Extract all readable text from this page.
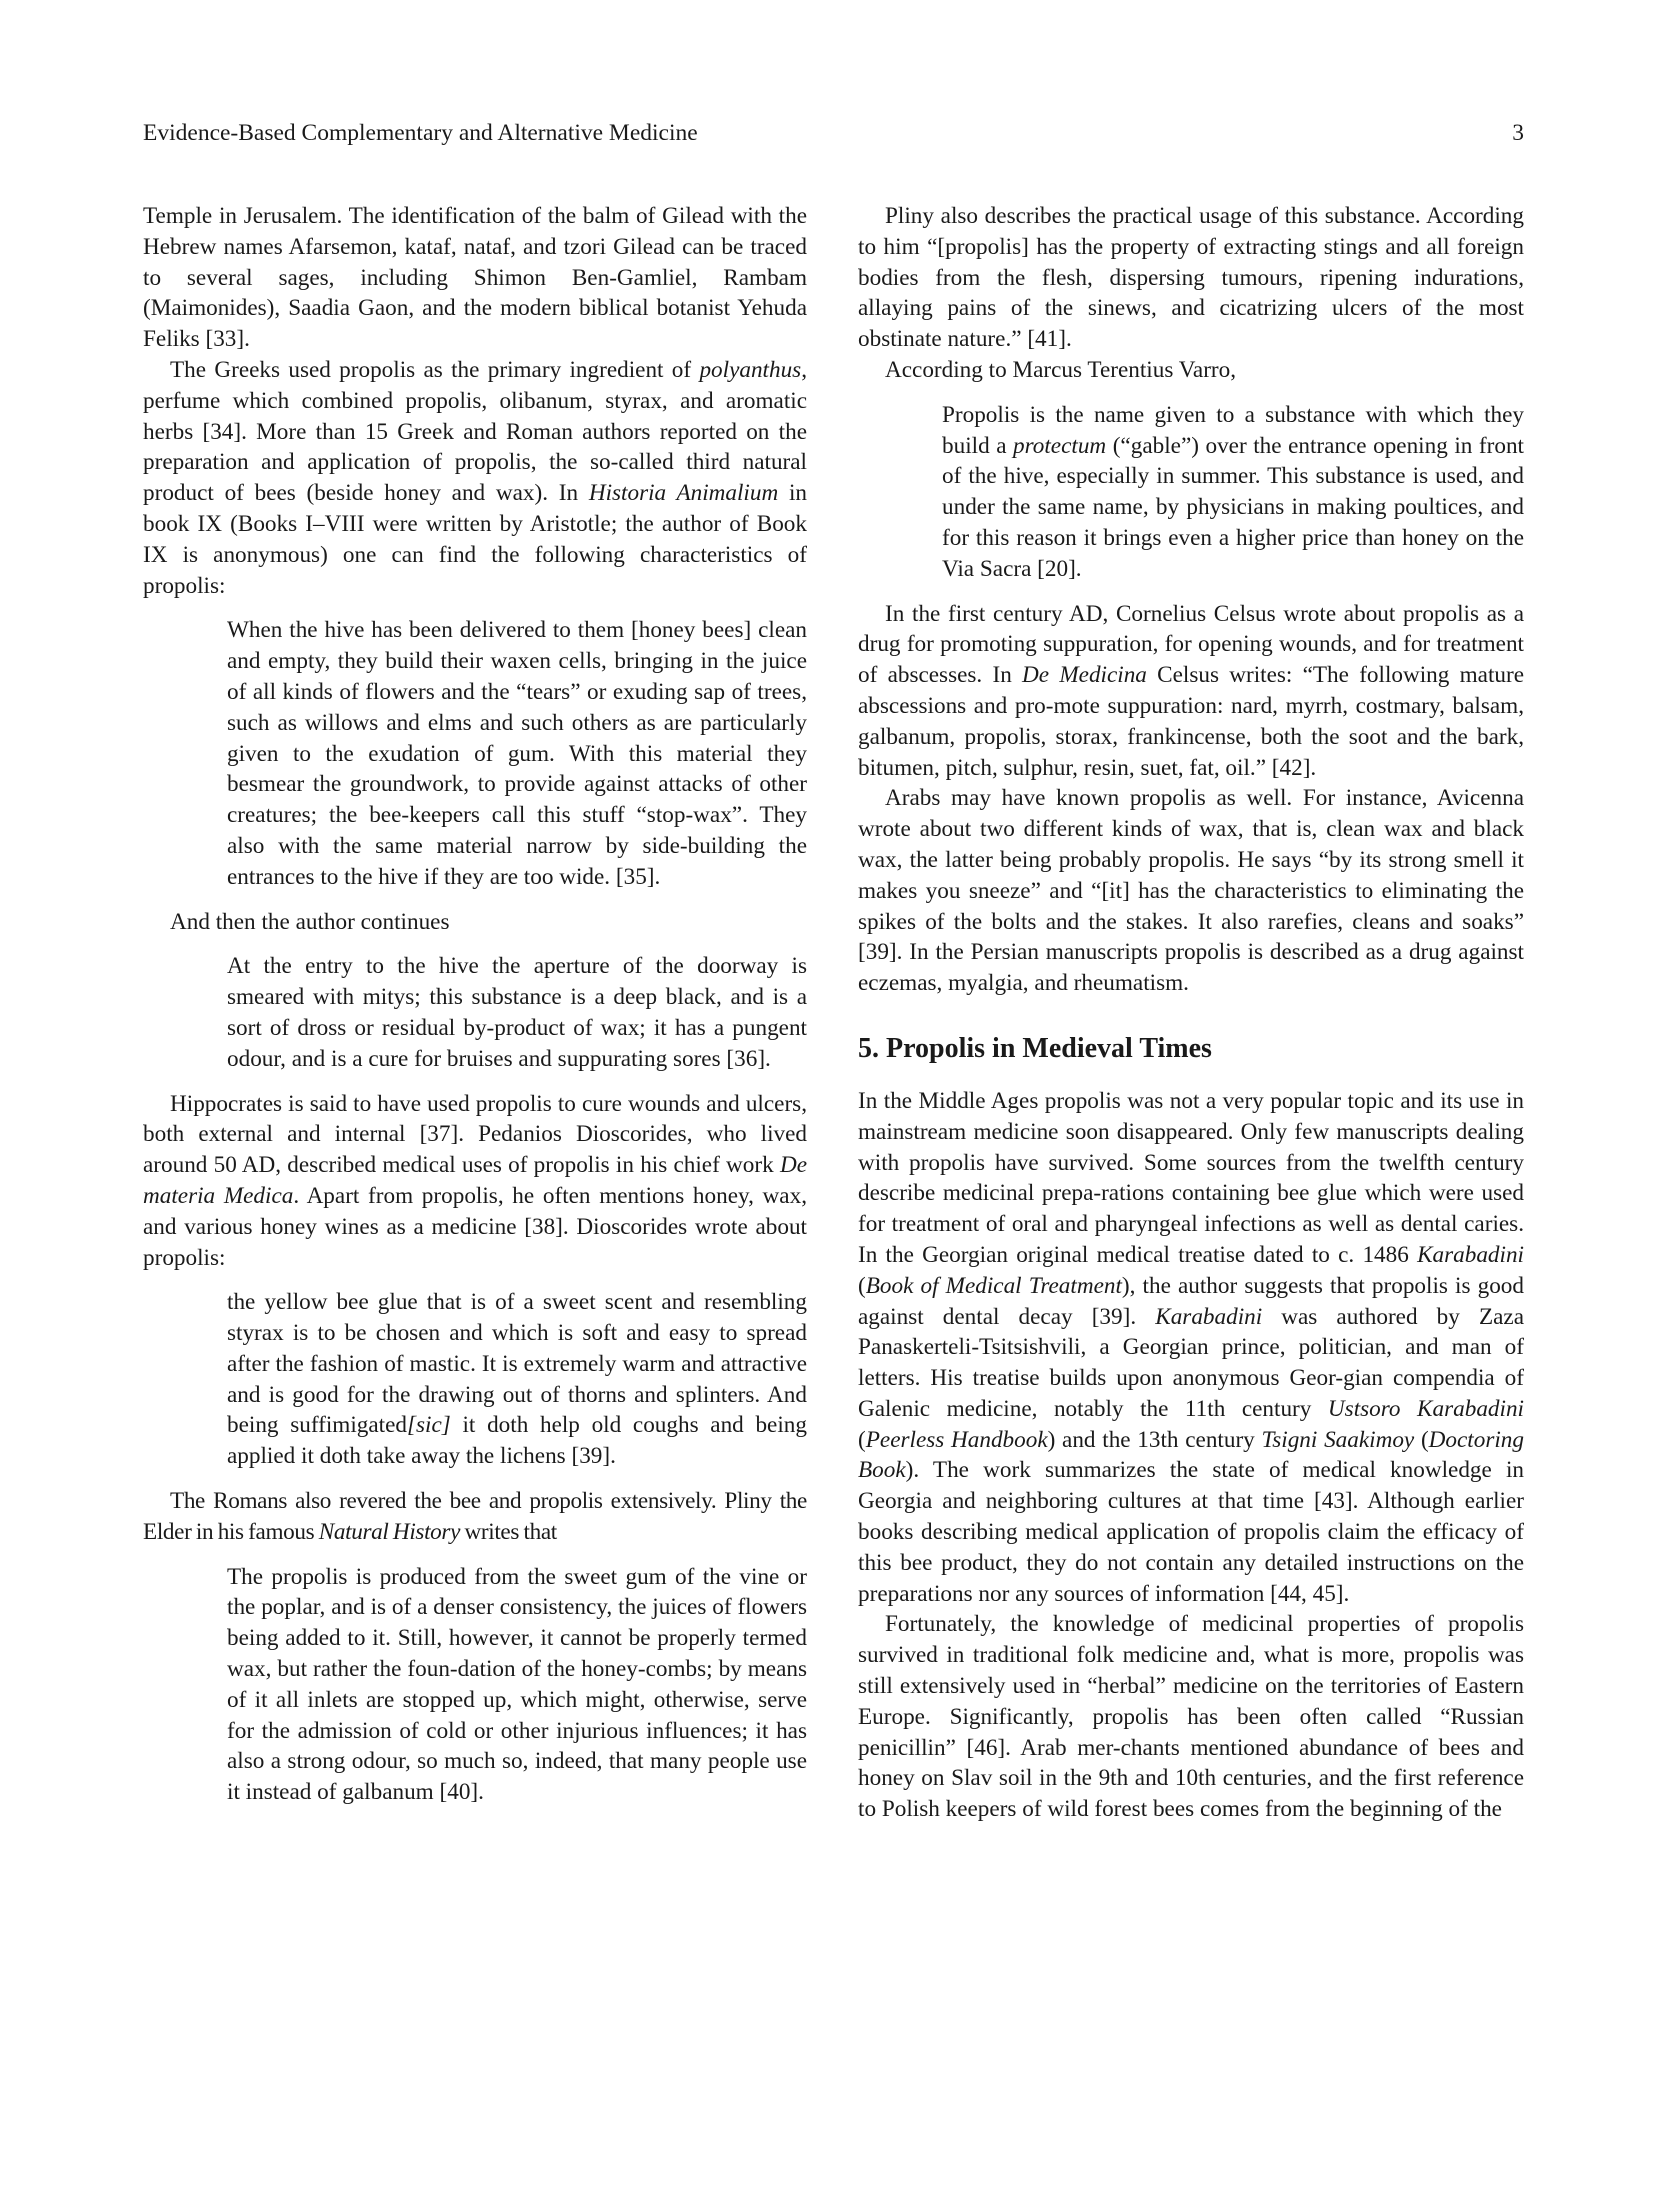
Evidence-Based Complementary and Alternative Medicine	3

Temple in Jerusalem. The identification of the balm of Gilead with the Hebrew names Afarsemon, kataf, nataf, and tzori Gilead can be traced to several sages, including Shimon Ben-Gamliel, Rambam (Maimonides), Saadia Gaon, and the modern biblical botanist Yehuda Feliks [33].

The Greeks used propolis as the primary ingredient of polyanthus, perfume which combined propolis, olibanum, styrax, and aromatic herbs [34]. More than 15 Greek and Roman authors reported on the preparation and application of propolis, the so-called third natural product of bees (beside honey and wax). In Historia Animalium in book IX (Books I–VIII were written by Aristotle; the author of Book IX is anonymous) one can find the following characteristics of propolis:

When the hive has been delivered to them [honey bees] clean and empty, they build their waxen cells, bringing in the juice of all kinds of flowers and the “tears” or exuding sap of trees, such as willows and elms and such others as are particularly given to the exudation of gum. With this material they besmear the groundwork, to provide against attacks of other creatures; the bee-keepers call this stuff “stop-wax”. They also with the same material narrow by side-building the entrances to the hive if they are too wide. [35].

And then the author continues

At the entry to the hive the aperture of the doorway is smeared with mitys; this substance is a deep black, and is a sort of dross or residual by-product of wax; it has a pungent odour, and is a cure for bruises and suppurating sores [36].

Hippocrates is said to have used propolis to cure wounds and ulcers, both external and internal [37]. Pedanios Dioscorides, who lived around 50 AD, described medical uses of propolis in his chief work De materia Medica. Apart from propolis, he often mentions honey, wax, and various honey wines as a medicine [38]. Dioscorides wrote about propolis:

the yellow bee glue that is of a sweet scent and resembling styrax is to be chosen and which is soft and easy to spread after the fashion of mastic. It is extremely warm and attractive and is good for the drawing out of thorns and splinters. And being suffimigated[sic] it doth help old coughs and being applied it doth take away the lichens [39].

The Romans also revered the bee and propolis extensively. Pliny the Elder in his famous Natural History writes that

The propolis is produced from the sweet gum of the vine or the poplar, and is of a denser consistency, the juices of flowers being added to it. Still, however, it cannot be properly termed wax, but rather the foun-dation of the honey-combs; by means of it all inlets are stopped up, which might, otherwise, serve for the admission of cold or other injurious influences; it has also a strong odour, so much so, indeed, that many people use it instead of galbanum [40].

Pliny also describes the practical usage of this substance. According to him “[propolis] has the property of extracting stings and all foreign bodies from the flesh, dispersing tumours, ripening indurations, allaying pains of the sinews, and cicatrizing ulcers of the most obstinate nature.” [41].

According to Marcus Terentius Varro,

Propolis is the name given to a substance with which they build a protectum (“gable”) over the entrance opening in front of the hive, especially in summer. This substance is used, and under the same name, by physicians in making poultices, and for this reason it brings even a higher price than honey on the Via Sacra [20].

In the first century AD, Cornelius Celsus wrote about propolis as a drug for promoting suppuration, for opening wounds, and for treatment of abscesses. In De Medicina Celsus writes: “The following mature abscessions and pro-mote suppuration: nard, myrrh, costmary, balsam, galbanum, propolis, storax, frankincense, both the soot and the bark, bitumen, pitch, sulphur, resin, suet, fat, oil.” [42].

Arabs may have known propolis as well. For instance, Avicenna wrote about two different kinds of wax, that is, clean wax and black wax, the latter being probably propolis. He says “by its strong smell it makes you sneeze” and “[it] has the characteristics to eliminating the spikes of the bolts and the stakes. It also rarefies, cleans and soaks” [39]. In the Persian manuscripts propolis is described as a drug against eczemas, myalgia, and rheumatism.

5. Propolis in Medieval Times

In the Middle Ages propolis was not a very popular topic and its use in mainstream medicine soon disappeared. Only few manuscripts dealing with propolis have survived. Some sources from the twelfth century describe medicinal prepa-rations containing bee glue which were used for treatment of oral and pharyngeal infections as well as dental caries. In the Georgian original medical treatise dated to c. 1486 Karabadini (Book of Medical Treatment), the author suggests that propolis is good against dental decay [39]. Karabadini was authored by Zaza Panaskerteli-Tsitsishvili, a Georgian prince, politician, and man of letters. His treatise builds upon anonymous Geor-gian compendia of Galenic medicine, notably the 11th century Ustsoro Karabadini (Peerless Handbook) and the 13th century Tsigni Saakimoy (Doctoring Book). The work summarizes the state of medical knowledge in Georgia and neighboring cultures at that time [43]. Although earlier books describing medical application of propolis claim the efficacy of this bee product, they do not contain any detailed instructions on the preparations nor any sources of information [44, 45].

Fortunately, the knowledge of medicinal properties of propolis survived in traditional folk medicine and, what is more, propolis was still extensively used in “herbal” medicine on the territories of Eastern Europe. Significantly, propolis has been often called “Russian penicillin” [46]. Arab mer-chants mentioned abundance of bees and honey on Slav soil in the 9th and 10th centuries, and the first reference to Polish keepers of wild forest bees comes from the beginning of the
